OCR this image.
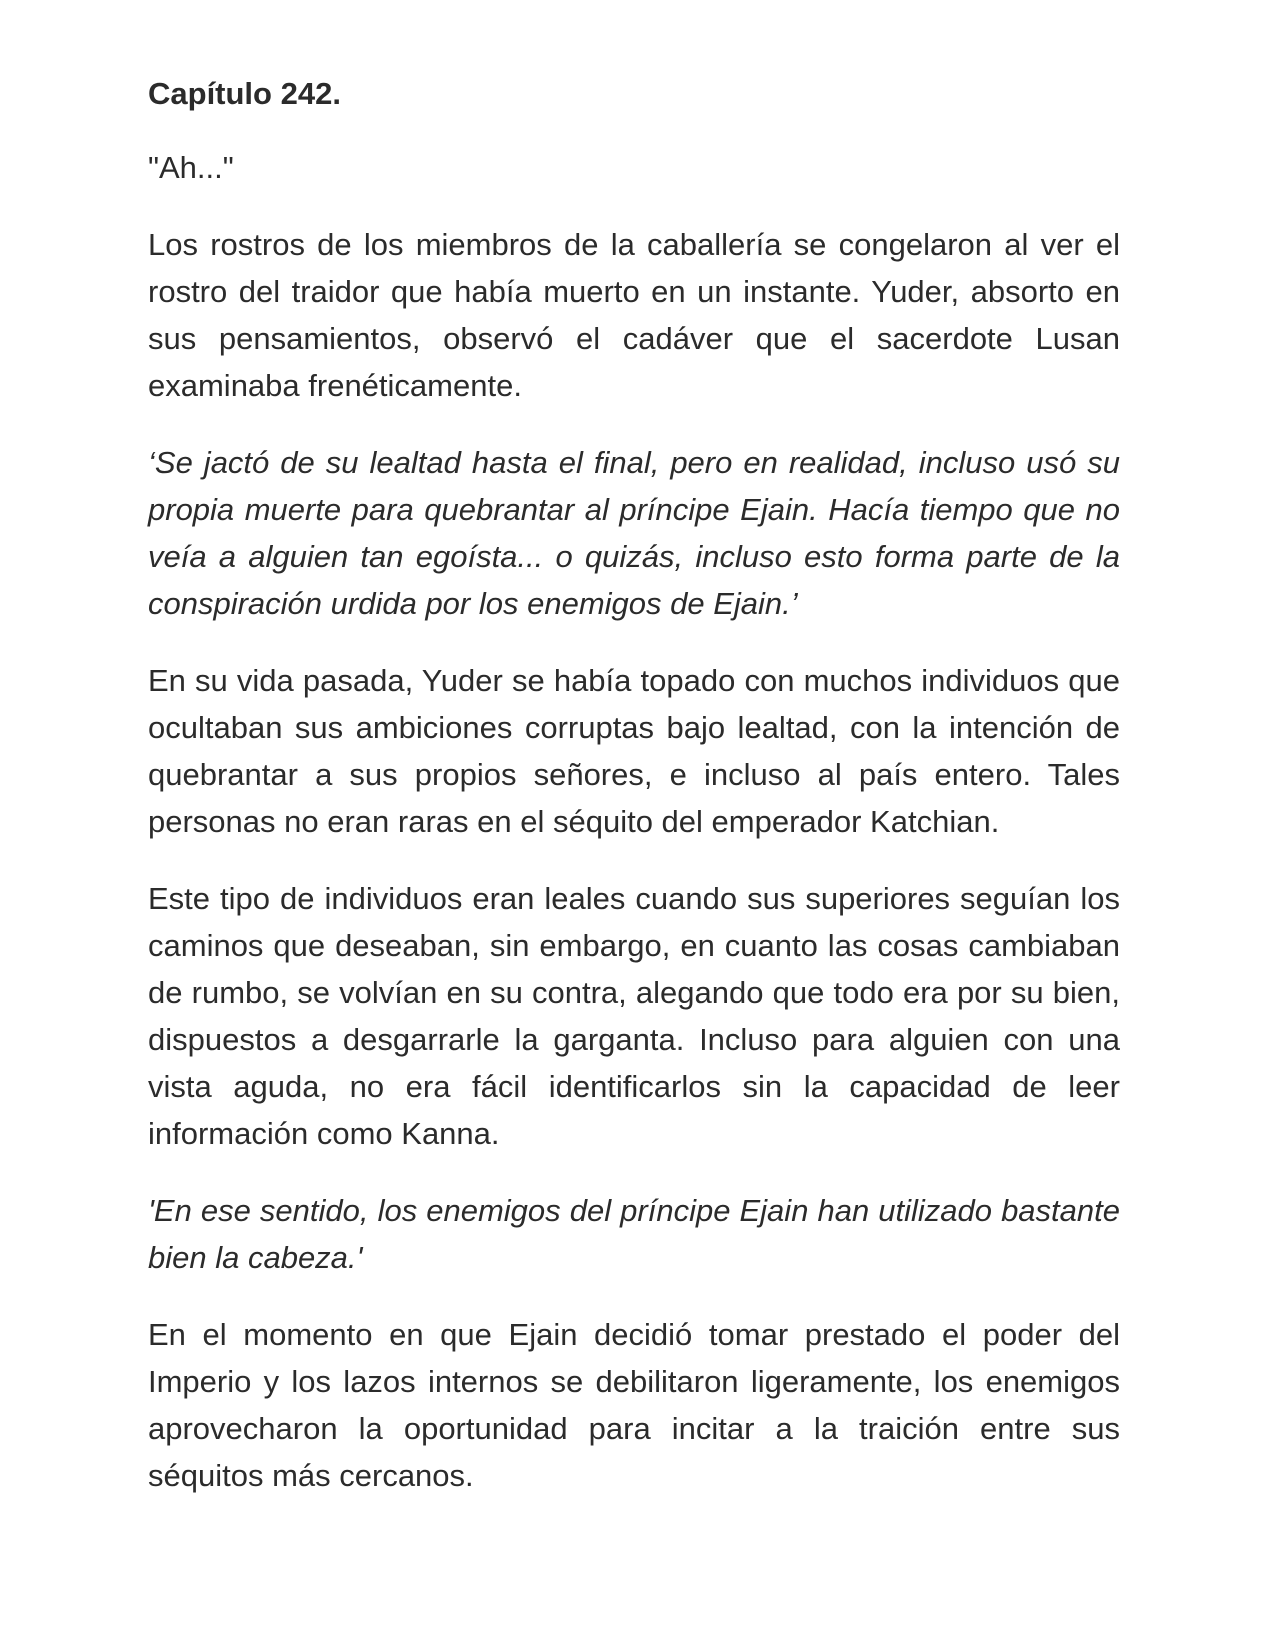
Capítulo 242.

"Ah..."

Los rostros de los miembros de la caballería se congelaron al ver el rostro del traidor que había muerto en un instante. Yuder, absorto en sus pensamientos, observó el cadáver que el sacerdote Lusan examinaba frenéticamente.

‘Se jactó de su lealtad hasta el final, pero en realidad, incluso usó su propia muerte para quebrantar al príncipe Ejain. Hacía tiempo que no veía a alguien tan egoísta... o quizás, incluso esto forma parte de la conspiración urdida por los enemigos de Ejain.’

En su vida pasada, Yuder se había topado con muchos individuos que ocultaban sus ambiciones corruptas bajo lealtad, con la intención de quebrantar a sus propios señores, e incluso al país entero. Tales personas no eran raras en el séquito del emperador Katchian.

Este tipo de individuos eran leales cuando sus superiores seguían los caminos que deseaban, sin embargo, en cuanto las cosas cambiaban de rumbo, se volvían en su contra, alegando que todo era por su bien, dispuestos a desgarrarle la garganta. Incluso para alguien con una vista aguda, no era fácil identificarlos sin la capacidad de leer información como Kanna.

'En ese sentido, los enemigos del príncipe Ejain han utilizado bastante bien la cabeza.'

En el momento en que Ejain decidió tomar prestado el poder del Imperio y los lazos internos se debilitaron ligeramente, los enemigos aprovecharon la oportunidad para incitar a la traición entre sus séquitos más cercanos.
